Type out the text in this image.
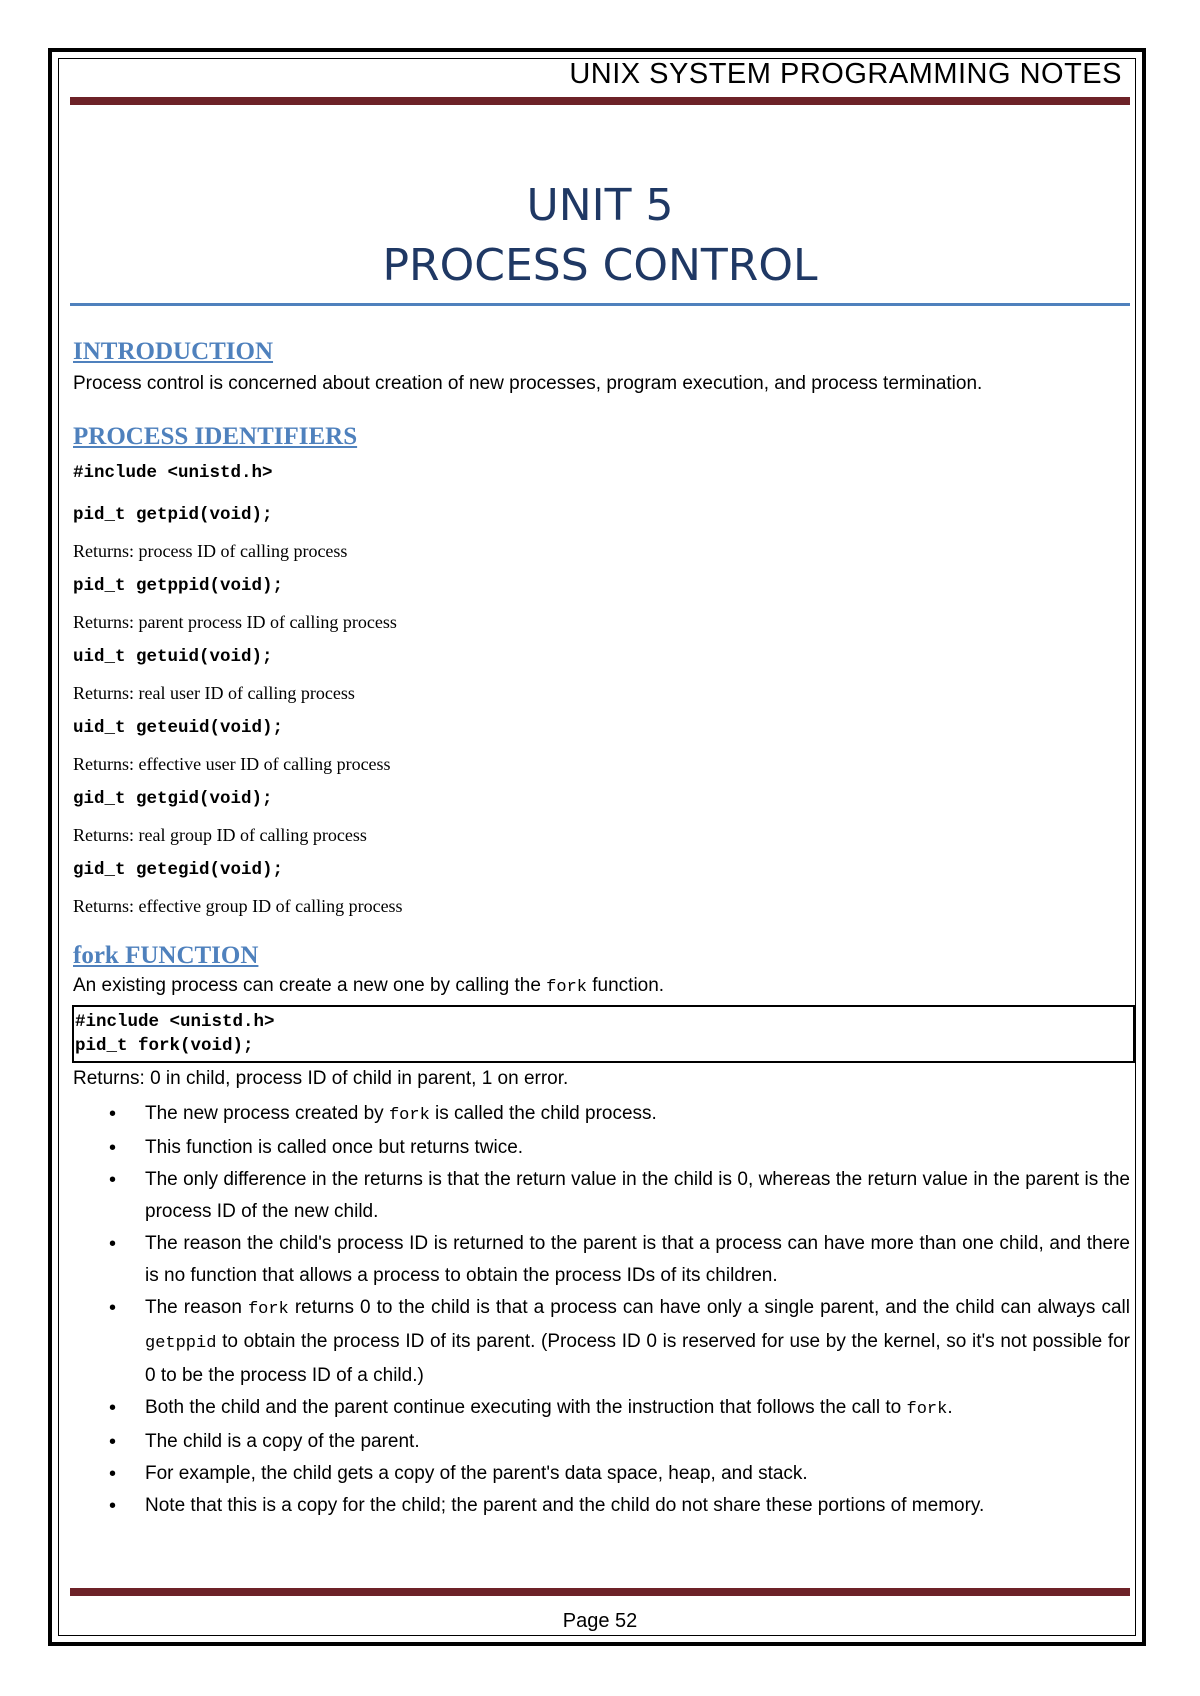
UNIX SYSTEM PROGRAMMING NOTES
UNIT 5
PROCESS CONTROL

INTRODUCTION

Process control is concerned about creation of new processes, program execution, and process termination.

PROCESS IDENTIFIERS

#include <unistd.h>

pid_t getpid(void);

Returns: process ID of calling process

pid_t getppid(void);

Returns: parent process ID of calling process

uid_t getuid(void);

Returns: real user ID of calling process

uid_t geteuid(void);

Returns: effective user ID of calling process

gid_t getgid(void);

Returns: real group ID of calling process

gid_t getegid(void);

Returns: effective group ID of calling process

fork FUNCTION

An existing process can create a new one by calling the fork function.

#include <unistd.h>

pid_t fork(void);

Returns: 0 in child, process ID of child in parent, 1 on error.

• The new process created by fork is called the child process.
• This function is called once but returns twice.
• The only difference in the returns is that the return value in the child is 0, whereas the return value in the parent is the process ID of the new child.
• The reason the child's process ID is returned to the parent is that a process can have more than one child, and there is no function that allows a process to obtain the process IDs of its children.
• The reason fork returns 0 to the child is that a process can have only a single parent, and the child can always call getppid to obtain the process ID of its parent. (Process ID 0 is reserved for use by the kernel, so it's not possible for 0 to be the process ID of a child.)
• Both the child and the parent continue executing with the instruction that follows the call to fork.
• The child is a copy of the parent.
• For example, the child gets a copy of the parent's data space, heap, and stack.
• Note that this is a copy for the child; the parent and the child do not share these portions of memory.
Page 52
